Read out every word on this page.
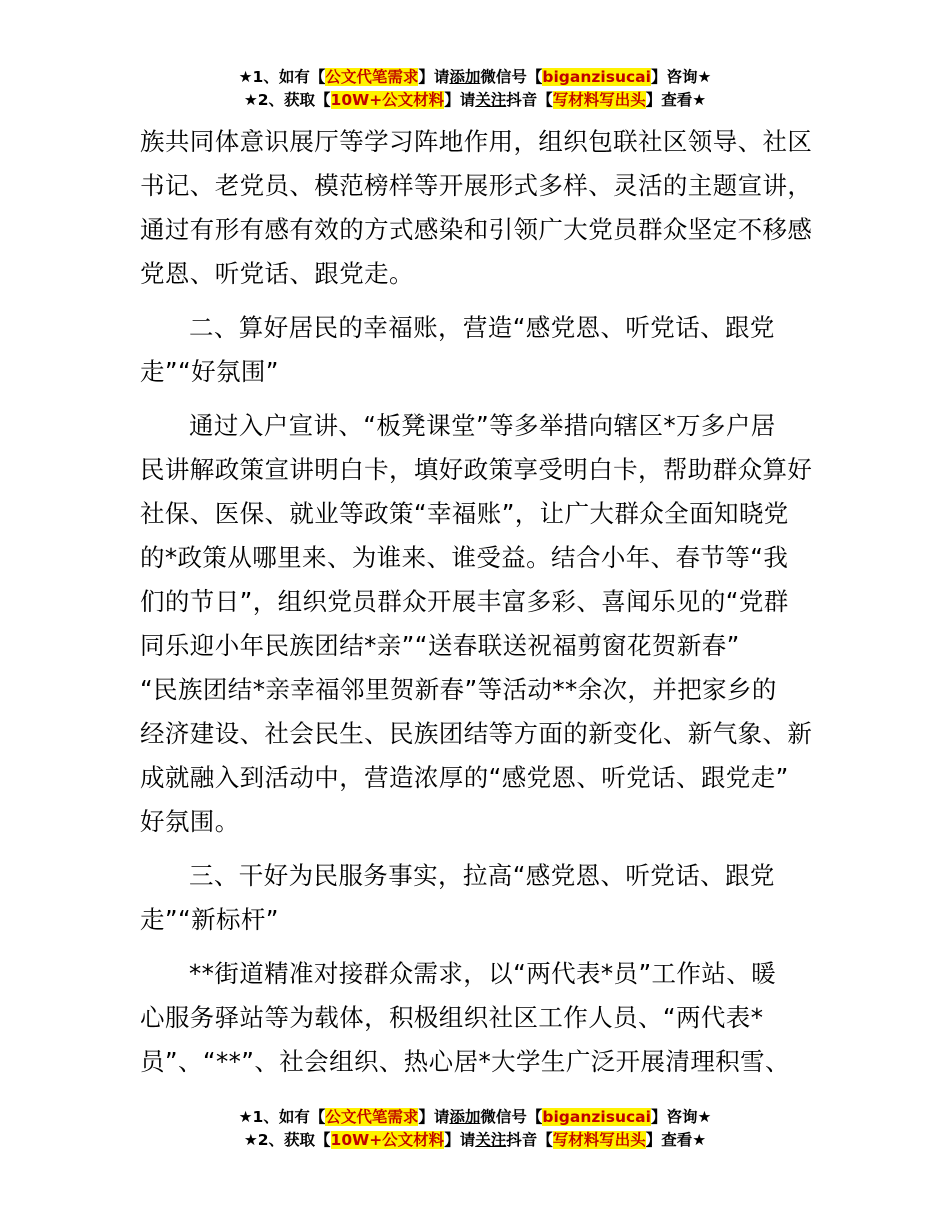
★1、如有【公文代笔需求】请添加微信号【biganzisucai】咨询★
★2、获取【10W+公文材料】请关注抖音【写材料写出头】查看★
族共同体意识展厅等学习阵地作用，组织包联社区领导、社区
书记、老党员、模范榜样等开展形式多样、灵活的主题宣讲，
通过有形有感有效的方式感染和引领广大党员群众坚定不移感
党恩、听党话、跟党走。
二、算好居民的幸福账，营造“感党恩、听党话、跟党
走”“好氛围”
通过入户宣讲、“板凳课堂”等多举措向辖区*万多户居
民讲解政策宣讲明白卡，填好政策享受明白卡，帮助群众算好
社保、医保、就业等政策“幸福账”，让广大群众全面知晓党
的*政策从哪里来、为谁来、谁受益。结合小年、春节等“我
们的节日”，组织党员群众开展丰富多彩、喜闻乐见的“党群
同乐迎小年民族团结*亲”“送春联送祝福剪窗花贺新春”
“民族团结*亲幸福邻里贺新春”等活动**余次，并把家乡的
经济建设、社会民生、民族团结等方面的新变化、新气象、新
成就融入到活动中，营造浓厚的“感党恩、听党话、跟党走”
好氛围。
三、干好为民服务事实，拉高“感党恩、听党话、跟党
走”“新标杆”
**街道精准对接群众需求，以“两代表*员”工作站、暖
心服务驿站等为载体，积极组织社区工作人员、“两代表*
员”、“**”、社会组织、热心居*大学生广泛开展清理积雪、
★1、如有【公文代笔需求】请添加微信号【biganzisucai】咨询★
★2、获取【10W+公文材料】请关注抖音【写材料写出头】查看★
